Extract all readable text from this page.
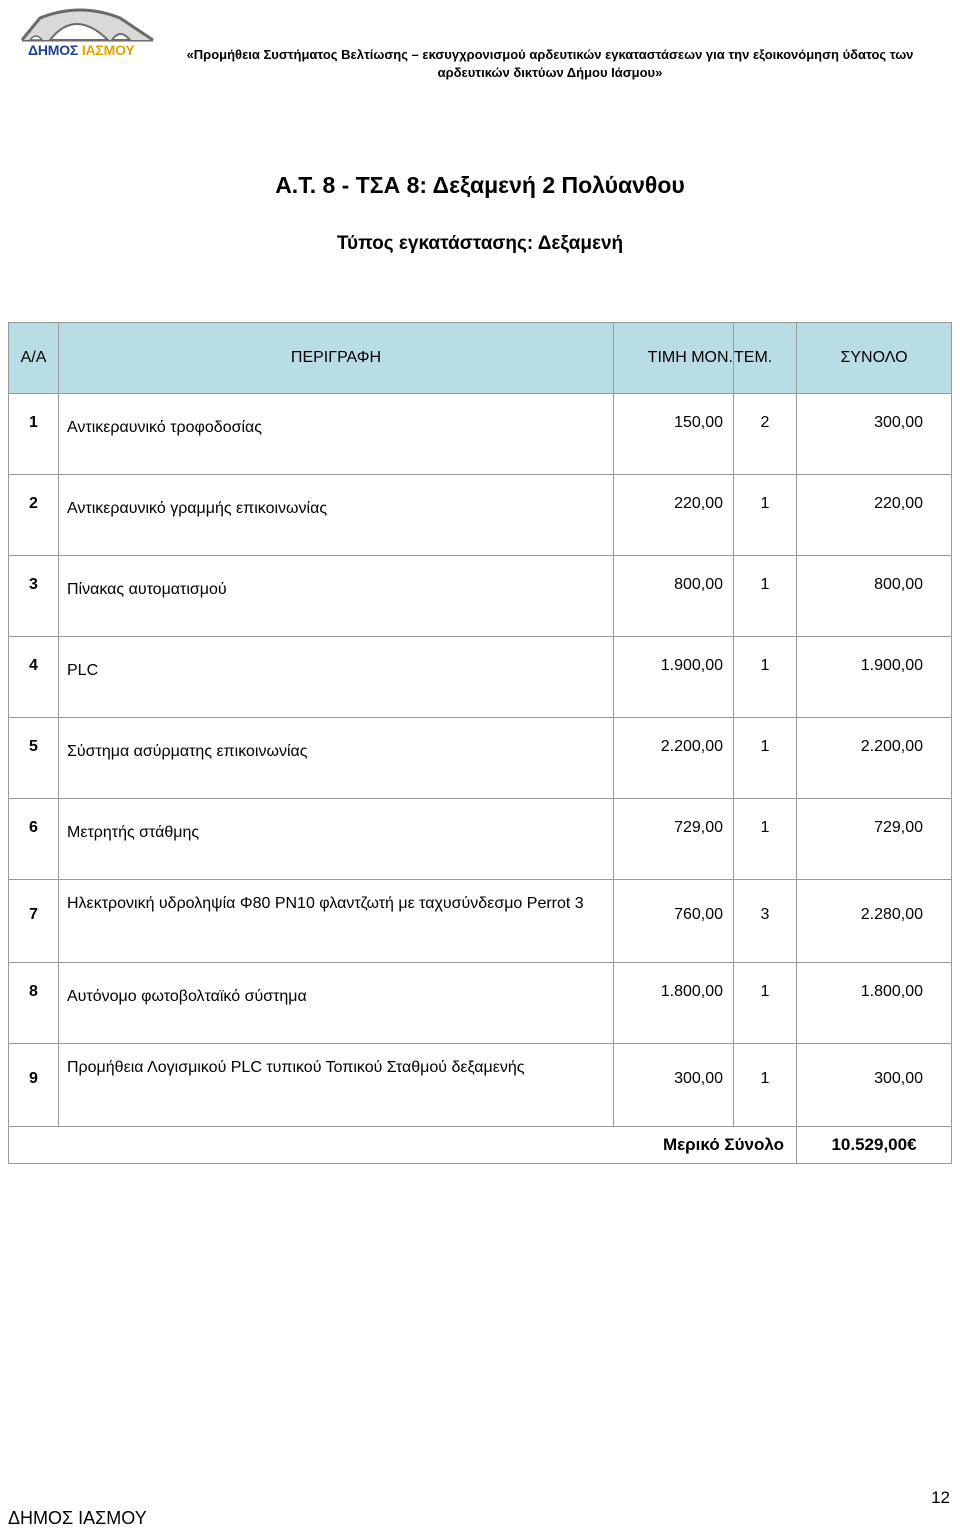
ΔΗΜΟΣ ΙΑΣΜΟΥ	«Προμήθεια Συστήματος Βελτίωσης – εκσυγχρονισμού αρδευτικών εγκαταστάσεων για την εξοικονόμηση ύδατος των αρδευτικών δικτύων Δήμου Ιάσμου»
Α.Τ. 8 - ΤΣΑ 8: Δεξαμενή 2 Πολύανθου
Τύπος εγκατάστασης: Δεξαμενή
Α/Α	ΠΕΡΙΓΡΑΦΗ	ΤΙΜΗ ΜΟΝ.	ΤΕΜ.	ΣΥΝΟΛΟ
1	Αντικεραυνικό τροφοδοσίας	150,00	2	300,00
2	Αντικεραυνικό γραμμής επικοινωνίας	220,00	1	220,00
3	Πίνακας αυτοματισμού	800,00	1	800,00
4	PLC	1.900,00	1	1.900,00
5	Σύστημα ασύρματης επικοινωνίας	2.200,00	1	2.200,00
6	Μετρητής στάθμης	729,00	1	729,00
7	Ηλεκτρονική υδροληψία Φ80 PN10 φλαντζωτή με ταχυσύνδεσμο Perrot 3	760,00	3	2.280,00
8	Αυτόνομο φωτοβολταϊκό σύστημα	1.800,00	1	1.800,00
9	Προμήθεια Λογισμικού PLC τυπικού Τοπικού Σταθμού δεξαμενής	300,00	1	300,00
Μερικό Σύνολο				10.529,00€
ΔΗΜΟΣ ΙΑΣΜΟΥ
12
